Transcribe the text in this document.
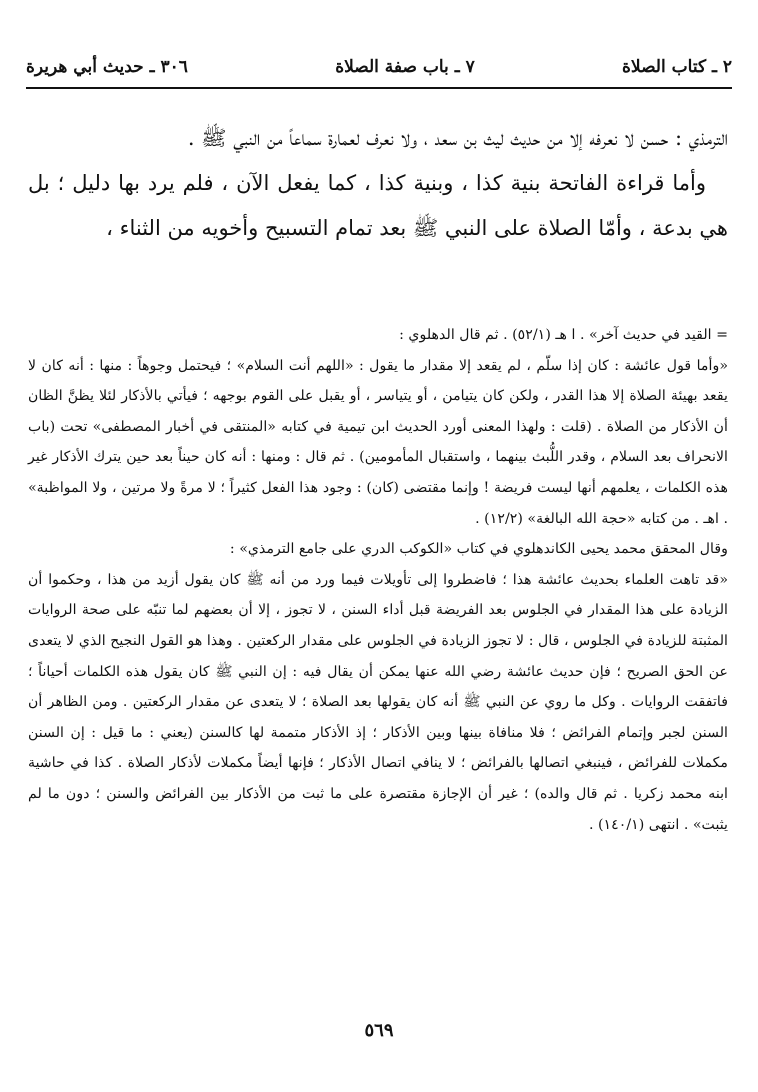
٢ ـ كتاب الصلاة
٧ ـ باب صفة الصلاة
٣٠٦ ـ حديث أبي هريرة

الترمذي : حسن لا نعرفه إلا من حديث ليث بن سعد ، ولا نعرف لعمارة سماعاً من النبي ﷺ .

وأما قراءة الفاتحة بنية كذا ، وبنية كذا ، كما يفعل الآن ، فلم يرد بها دليل ؛ بل هي بدعة ، وأمّا الصلاة على النبي ﷺ بعد تمام التسبيح وأخويه من الثناء ،

= القيد في حديث آخر» . ا هـ (٥٢/١) . ثم قال الدهلوي :

«وأما قول عائشة : كان إذا سلّم ، لم يقعد إلا مقدار ما يقول : «اللهم أنت السلام» ؛ فيحتمل وجوهاً : منها : أنه كان لا يقعد بهيئة الصلاة إلا هذا القدر ، ولكن كان يتيامن ، أو يتياسر ، أو يقبل على القوم بوجهه ؛ فيأتي بالأذكار لئلا يظنَّ الظان أن الأذكار من الصلاة . (قلت : ولهذا المعنى أورد الحديث ابن تيمية في كتابه «المنتقى في أخبار المصطفى» تحت (باب الانحراف بعد السلام ، وقدر اللُّبث بينهما ، واستقبال المأمومين) . ثم قال : ومنها : أنه كان حيناً بعد حين يترك الأذكار غير هذه الكلمات ، يعلمهم أنها ليست فريضة ! وإنما مقتضى (كان) : وجود هذا الفعل كثيراً ؛ لا مرةً ولا مرتين ، ولا المواظبة» . اهـ . من كتابه «حجة الله البالغة» (١٢/٢) .

وقال المحقق محمد يحيى الكاندهلوي في كتاب «الكوكب الدري على جامع الترمذي» :

«قد تاهت العلماء بحديث عائشة هذا ؛ فاضطروا إلى تأويلات فيما ورد من أنه ﷺ كان يقول أزيد من هذا ، وحكموا أن الزيادة على هذا المقدار في الجلوس بعد الفريضة قبل أداء السنن ، لا تجوز ، إلا أن بعضهم لما تنبّه على صحة الروايات المثبتة للزيادة في الجلوس ، قال : لا تجوز الزيادة في الجلوس على مقدار الركعتين . وهذا هو القول النجيح الذي لا يتعدى عن الحق الصريح ؛ فإن حديث عائشة رضي الله عنها يمكن أن يقال فيه : إن النبي ﷺ كان يقول هذه الكلمات أحياناً ؛ فاتفقت الروايات . وكل ما روي عن النبي ﷺ أنه كان يقولها بعد الصلاة ؛ لا يتعدى عن مقدار الركعتين . ومن الظاهر أن السنن لجبر وإتمام الفرائض ؛ فلا منافاة بينها وبين الأذكار ؛ إذ الأذكار متممة لها كالسنن (يعني : ما قيل : إن السنن مكملات للفرائض ، فينبغي اتصالها بالفرائض ؛ لا ينافي اتصال الأذكار ؛ فإنها أيضاً مكملات لأذكار الصلاة . كذا في حاشية ابنه محمد زكريا . ثم قال والده) ؛ غير أن الإجازة مقتصرة على ما ثبت من الأذكار بين الفرائض والسنن ؛ دون ما لم يثبت» . انتهى (١٤٠/١) .

٥٦٩
